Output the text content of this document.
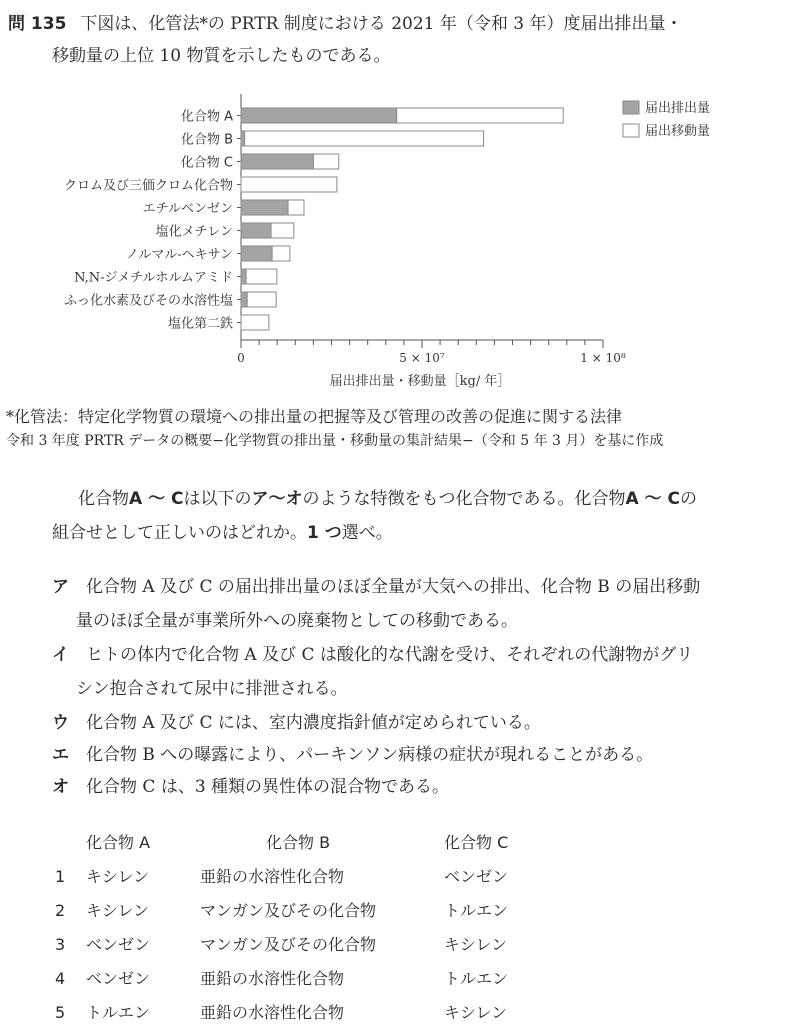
問 135 下図は、化管法*の PRTR 制度における 2021 年（令和 3 年）度届出排出量・
移動量の上位 10 物質を示したものである。
化合物 A
化合物 B
化合物 C
クロム及び三価クロム化合物
エチルベンゼン
塩化メチレン
ノルマル-ヘキサン
N,N-ジメチルホルムアミド
ふっ化水素及びその水溶性塩
塩化第二鉄
0	5 × 10⁷	1 × 10⁸
届出排出量・移動量［kg/ 年］
届出排出量
届出移動量
*化管法：特定化学物質の環境への排出量の把握等及び管理の改善の促進に関する法律
令和 3 年度 PRTR データの概要−化学物質の排出量・移動量の集計結果−（令和 5 年 3 月）を基に作成
化合物A ～ Cは以下のア～オのような特徴をもつ化合物である。化合物A ～ Cの
組合せとして正しいのはどれか。1 つ選べ。
ア 化合物 A 及び C の届出排出量のほぼ全量が大気への排出、化合物 B の届出移動
量のほぼ全量が事業所外への廃棄物としての移動である。
イ ヒトの体内で化合物 A 及び C は酸化的な代謝を受け、それぞれの代謝物がグリ
シン抱合されて尿中に排泄される。
ウ 化合物 A 及び C には、室内濃度指針値が定められている。
エ 化合物 B への曝露により、パーキンソン病様の症状が現れることがある。
オ 化合物 C は、3 種類の異性体の混合物である。
化合物 A	化合物 B	化合物 C
1 キシレン	亜鉛の水溶性化合物	ベンゼン
2 キシレン	マンガン及びその化合物	トルエン
3 ベンゼン	マンガン及びその化合物	キシレン
4 ベンゼン	亜鉛の水溶性化合物	トルエン
5 トルエン	亜鉛の水溶性化合物	キシレン
